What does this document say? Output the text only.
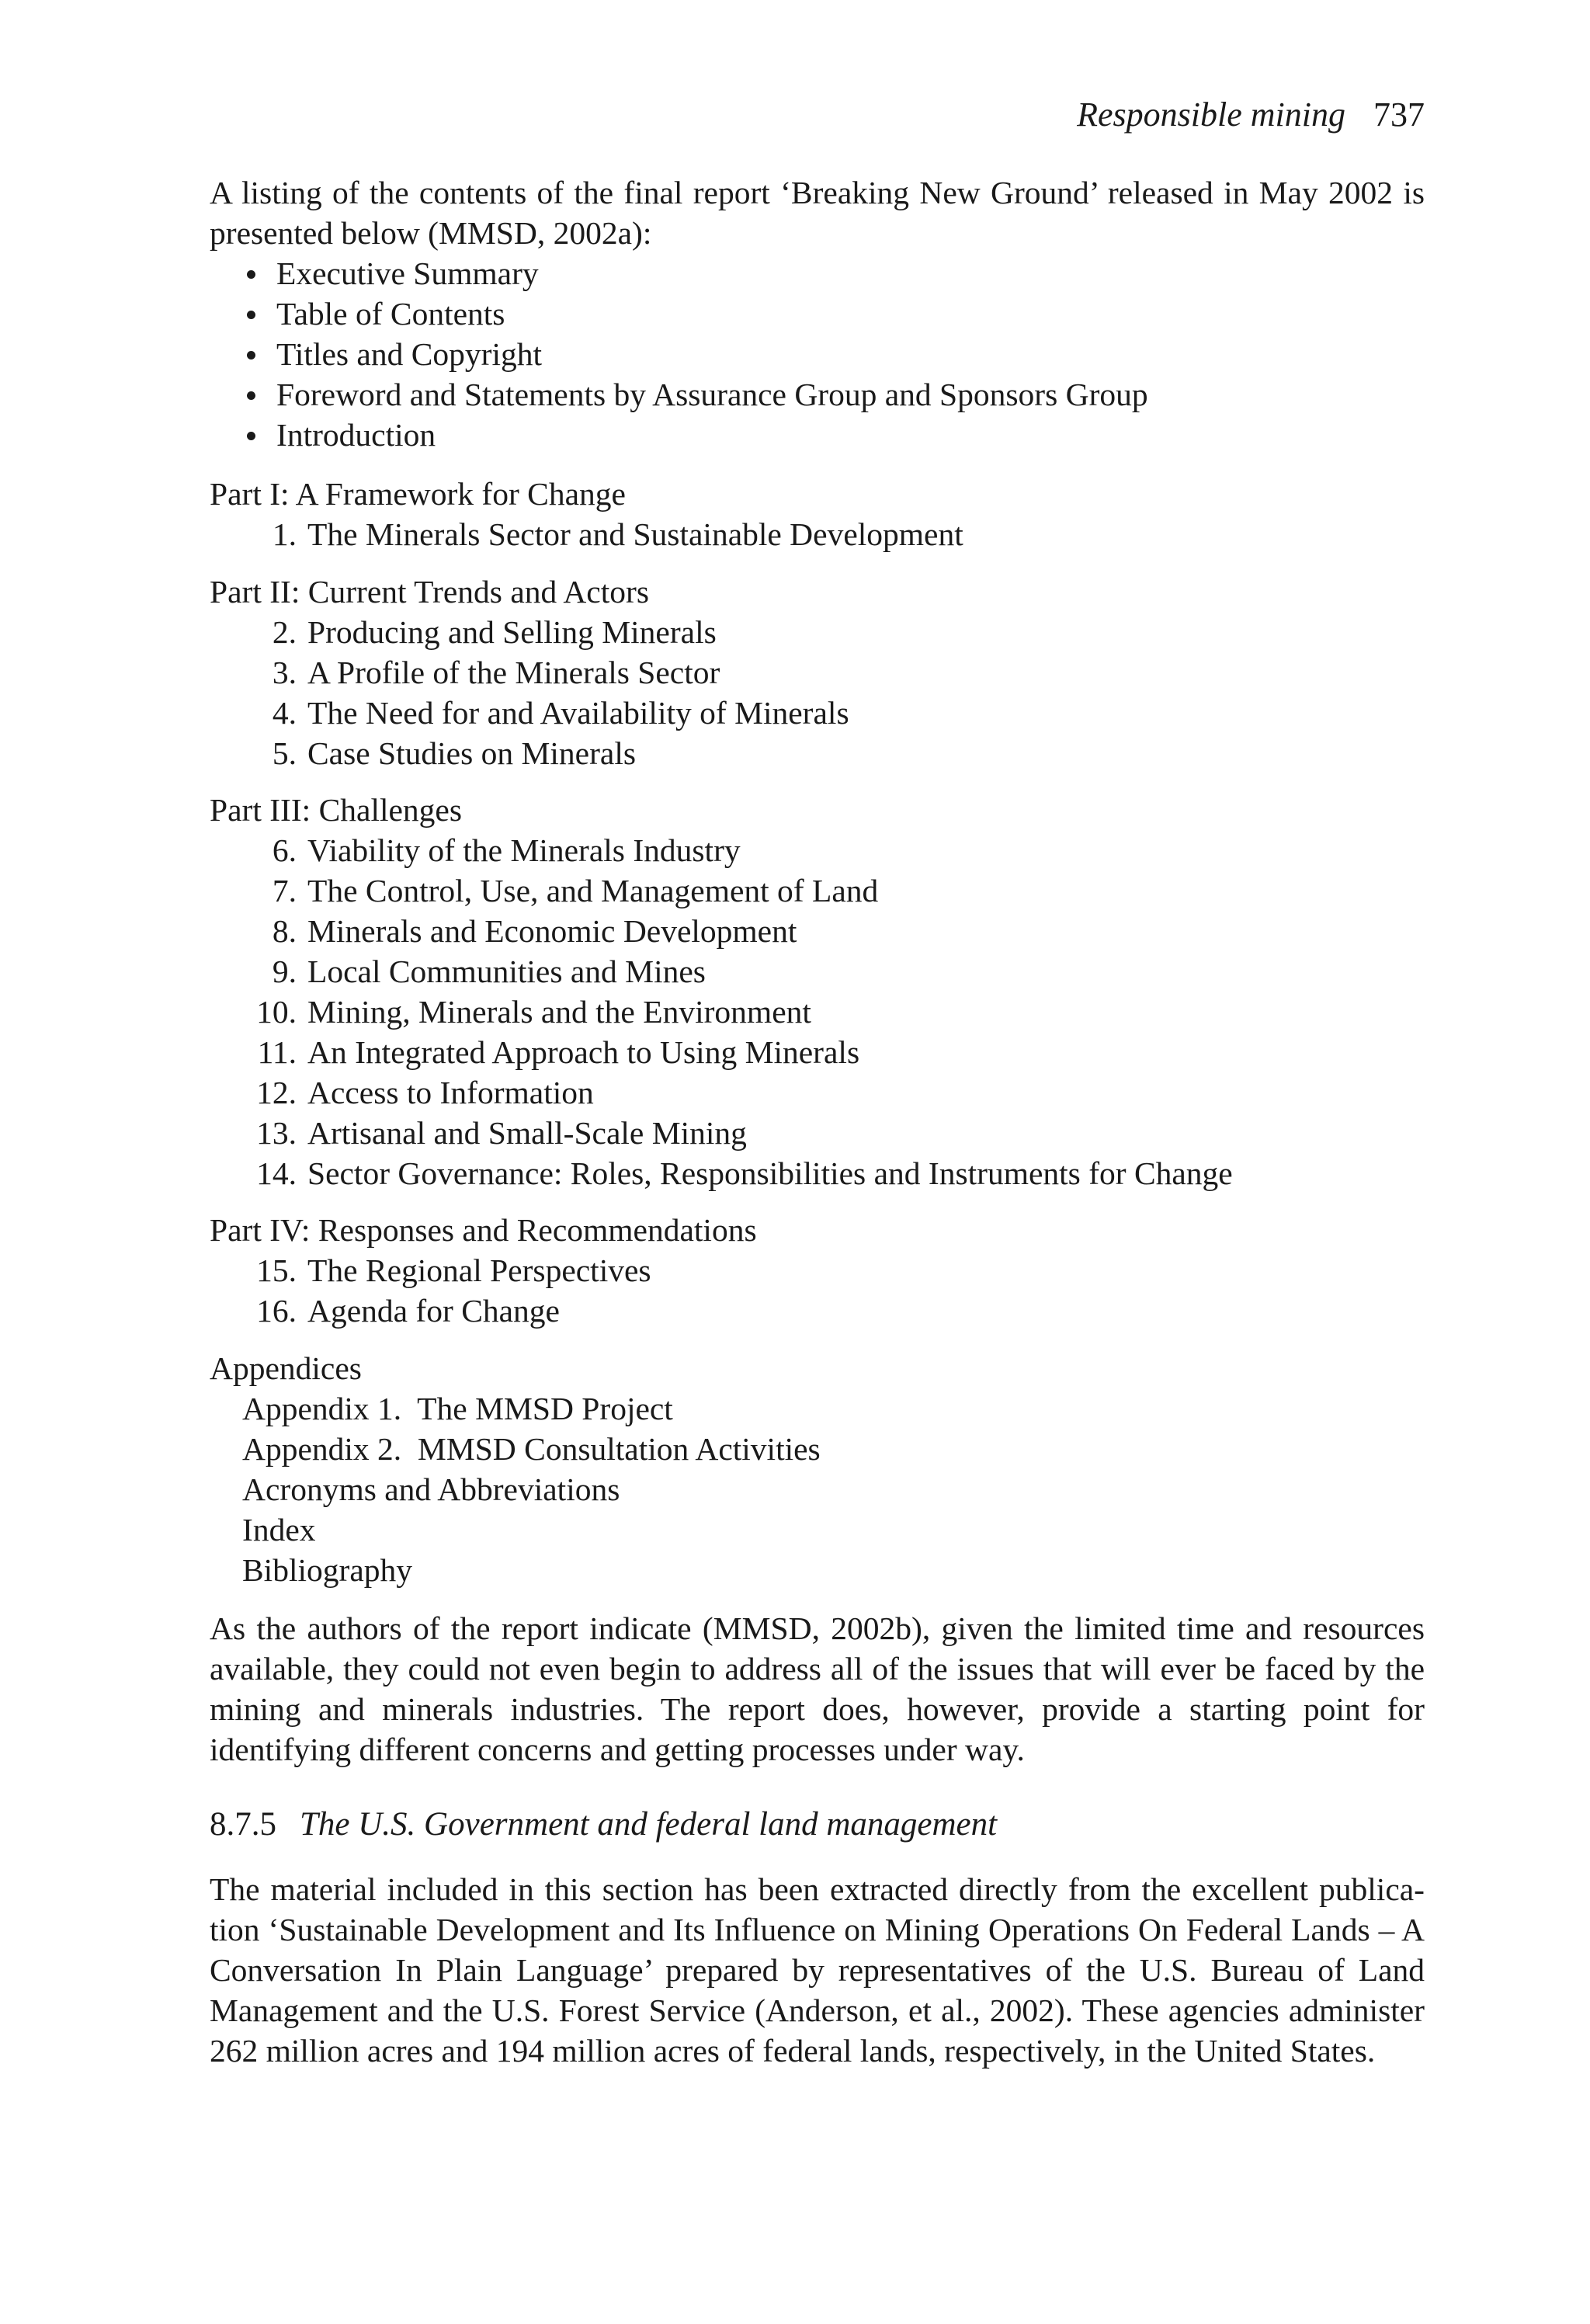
Responsible mining 737

A listing of the contents of the final report ‘Breaking New Ground’ released in May 2002 is presented below (MMSD, 2002a):

Executive Summary
Table of Contents
Titles and Copyright
Foreword and Statements by Assurance Group and Sponsors Group
Introduction
Part I: A Framework for Change
1. The Minerals Sector and Sustainable Development
Part II: Current Trends and Actors
2. Producing and Selling Minerals
3. A Profile of the Minerals Sector
4. The Need for and Availability of Minerals
5. Case Studies on Minerals
Part III: Challenges
6. Viability of the Minerals Industry
7. The Control, Use, and Management of Land
8. Minerals and Economic Development
9. Local Communities and Mines
10. Mining, Minerals and the Environment
11. An Integrated Approach to Using Minerals
12. Access to Information
13. Artisanal and Small-Scale Mining
14. Sector Governance: Roles, Responsibilities and Instruments for Change
Part IV: Responses and Recommendations
15. The Regional Perspectives
16. Agenda for Change
Appendices
Appendix 1.  The MMSD Project
Appendix 2.  MMSD Consultation Activities
Acronyms and Abbreviations
Index
Bibliography

As the authors of the report indicate (MMSD, 2002b), given the limited time and resources available, they could not even begin to address all of the issues that will ever be faced by the mining and minerals industries. The report does, however, provide a starting point for identifying different concerns and getting processes under way.

8.7.5 The U.S. Government and federal land management

The material included in this section has been extracted directly from the excellent publication ‘Sustainable Development and Its Influence on Mining Operations On Federal Lands – A Conversation In Plain Language’ prepared by representatives of the U.S. Bureau of Land Management and the U.S. Forest Service (Anderson, et al., 2002). These agencies administer 262 million acres and 194 million acres of federal lands, respectively, in the United States.
